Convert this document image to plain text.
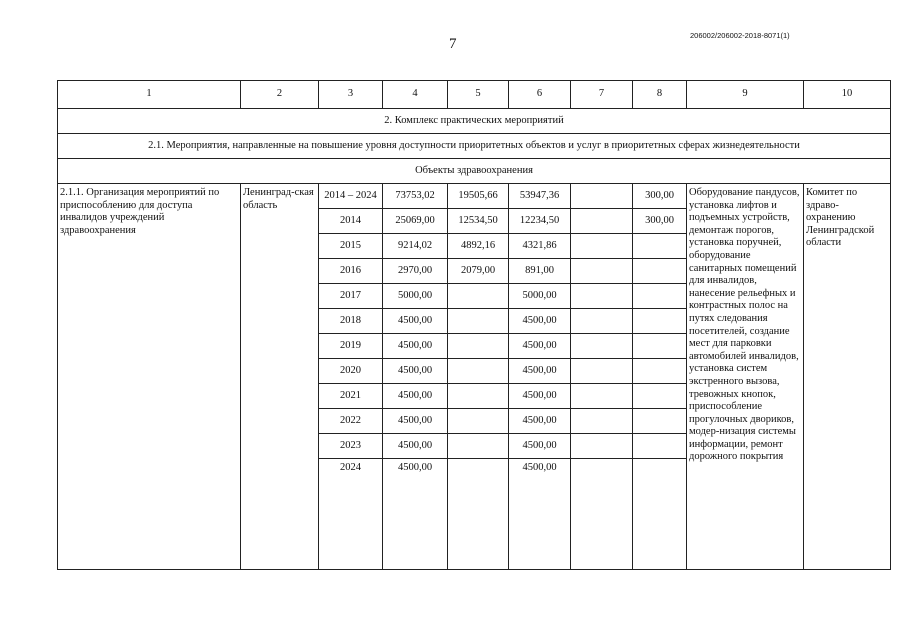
7
206002/206002-2018-8071(1)
1	2	3	4	5	6	7	8	9	10
2. Комплекс практических мероприятий									
2.1. Мероприятия, направленные на повышение уровня доступности приоритетных объектов и услуг в приоритетных сферах жизнедеятельности									
Объекты здравоохранения									
2.1.1. Организация мероприятий по приспособлению для доступа инвалидов учреждений здравоохранения	Ленинград-ская область	2014 – 2024	73753,02	19505,66	53947,36		300,00	Оборудование пандусов, установка лифтов и подъемных устройств, демонтаж порогов, установка поручней, оборудование санитарных помещений для инвалидов, нанесение рельефных и контрастных полос на путях следования посетителей, создание мест для парковки автомобилей инвалидов, установка систем экстренного вызова, тревожных кнопок, приспособление прогулочных двориков, модер-низация системы информации, ремонт дорожного покрытия	Комитет по здраво-охранению Ленинградской области
		2014	25069,00	12534,50	12234,50		300,00		
		2015	9214,02	4892,16	4321,86				
		2016	2970,00	2079,00	891,00				
		2017	5000,00		5000,00				
		2018	4500,00		4500,00				
		2019	4500,00		4500,00				
		2020	4500,00		4500,00				
		2021	4500,00		4500,00				
		2022	4500,00		4500,00				
		2023	4500,00		4500,00				
		2024	4500,00		4500,00				
